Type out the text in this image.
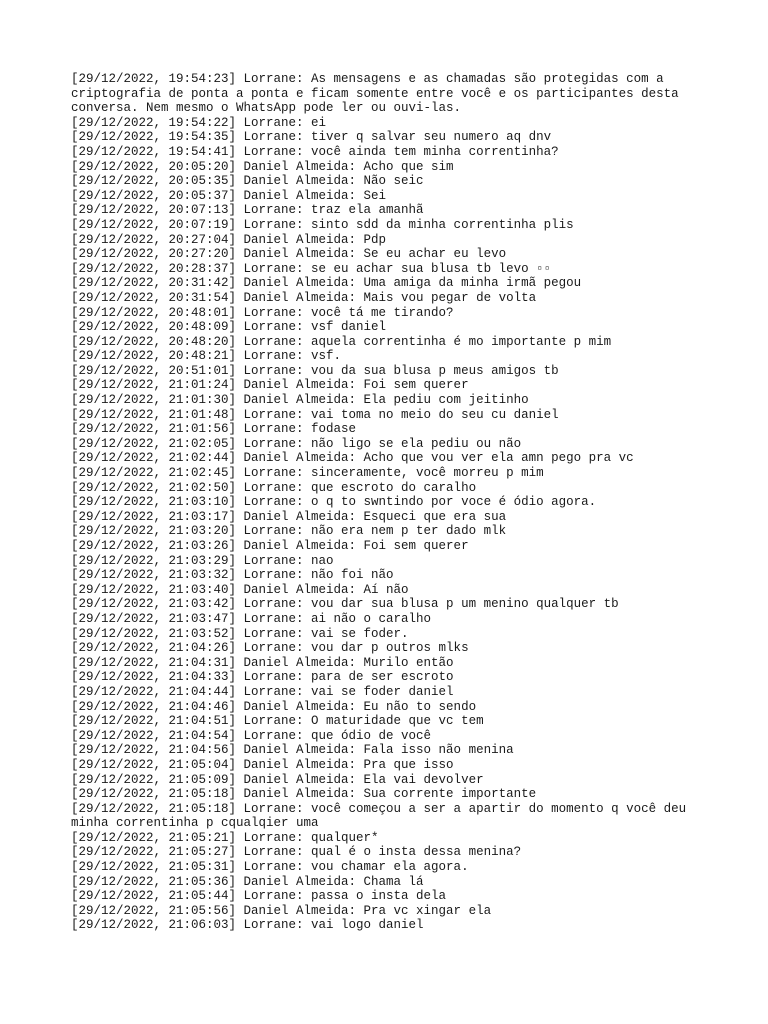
[29/12/2022, 19:54:23] Lorrane: As mensagens e as chamadas são protegidas com a criptografia de ponta a ponta e ficam somente entre você e os participantes desta conversa. Nem mesmo o WhatsApp pode ler ou ouvi-las.
[29/12/2022, 19:54:22] Lorrane: ei
[29/12/2022, 19:54:35] Lorrane: tiver q salvar seu numero aq dnv
[29/12/2022, 19:54:41] Lorrane: você ainda tem minha correntinha?
[29/12/2022, 20:05:20] Daniel Almeida: Acho que sim
[29/12/2022, 20:05:35] Daniel Almeida: Não seic
[29/12/2022, 20:05:37] Daniel Almeida: Sei
[29/12/2022, 20:07:13] Lorrane: traz ela amanhã
[29/12/2022, 20:07:19] Lorrane: sinto sdd da minha correntinha plis
[29/12/2022, 20:27:04] Daniel Almeida: Pdp
[29/12/2022, 20:27:20] Daniel Almeida: Se eu achar eu levo
[29/12/2022, 20:28:37] Lorrane: se eu achar sua blusa tb levo ▫▫
[29/12/2022, 20:31:42] Daniel Almeida: Uma amiga da minha irmã pegou
[29/12/2022, 20:31:54] Daniel Almeida: Mais vou pegar de volta
[29/12/2022, 20:48:01] Lorrane: você tá me tirando?
[29/12/2022, 20:48:09] Lorrane: vsf daniel
[29/12/2022, 20:48:20] Lorrane: aquela correntinha é mo importante p mim
[29/12/2022, 20:48:21] Lorrane: vsf.
[29/12/2022, 20:51:01] Lorrane: vou da sua blusa p meus amigos tb
[29/12/2022, 21:01:24] Daniel Almeida: Foi sem querer
[29/12/2022, 21:01:30] Daniel Almeida: Ela pediu com jeitinho
[29/12/2022, 21:01:48] Lorrane: vai toma no meio do seu cu daniel
[29/12/2022, 21:01:56] Lorrane: fodase
[29/12/2022, 21:02:05] Lorrane: não ligo se ela pediu ou não
[29/12/2022, 21:02:44] Daniel Almeida: Acho que vou ver ela amn pego pra vc
[29/12/2022, 21:02:45] Lorrane: sinceramente, você morreu p mim
[29/12/2022, 21:02:50] Lorrane: que escroto do caralho
[29/12/2022, 21:03:10] Lorrane: o q to swntindo por voce é ódio agora.
[29/12/2022, 21:03:17] Daniel Almeida: Esqueci que era sua
[29/12/2022, 21:03:20] Lorrane: não era nem p ter dado mlk
[29/12/2022, 21:03:26] Daniel Almeida: Foi sem querer
[29/12/2022, 21:03:29] Lorrane: nao
[29/12/2022, 21:03:32] Lorrane: não foi não
[29/12/2022, 21:03:40] Daniel Almeida: Aí não
[29/12/2022, 21:03:42] Lorrane: vou dar sua blusa p um menino qualquer tb
[29/12/2022, 21:03:47] Lorrane: ai não o caralho
[29/12/2022, 21:03:52] Lorrane: vai se foder.
[29/12/2022, 21:04:26] Lorrane: vou dar p outros mlks
[29/12/2022, 21:04:31] Daniel Almeida: Murilo então
[29/12/2022, 21:04:33] Lorrane: para de ser escroto
[29/12/2022, 21:04:44] Lorrane: vai se foder daniel
[29/12/2022, 21:04:46] Daniel Almeida: Eu não to sendo
[29/12/2022, 21:04:51] Lorrane: O maturidade que vc tem
[29/12/2022, 21:04:54] Lorrane: que ódio de você
[29/12/2022, 21:04:56] Daniel Almeida: Fala isso não menina
[29/12/2022, 21:05:04] Daniel Almeida: Pra que isso
[29/12/2022, 21:05:09] Daniel Almeida: Ela vai devolver
[29/12/2022, 21:05:18] Daniel Almeida: Sua corrente importante
[29/12/2022, 21:05:18] Lorrane: você começou a ser a apartir do momento q você deu minha correntinha p cqualqier uma
[29/12/2022, 21:05:21] Lorrane: qualquer*
[29/12/2022, 21:05:27] Lorrane: qual é o insta dessa menina?
[29/12/2022, 21:05:31] Lorrane: vou chamar ela agora.
[29/12/2022, 21:05:36] Daniel Almeida: Chama lá
[29/12/2022, 21:05:44] Lorrane: passa o insta dela
[29/12/2022, 21:05:56] Daniel Almeida: Pra vc xingar ela
[29/12/2022, 21:06:03] Lorrane: vai logo daniel
